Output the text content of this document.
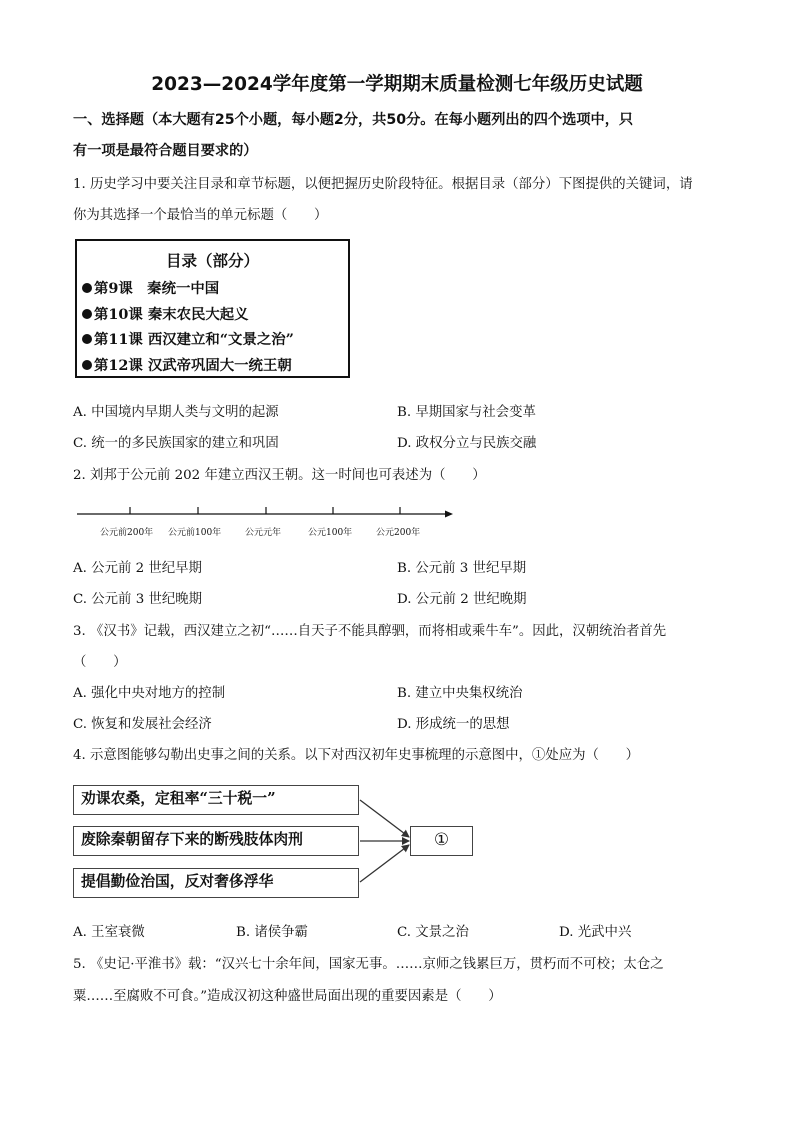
2023—2024学年度第一学期期末质量检测七年级历史试题
一、选择题（本大题有25个小题，每小题2分，共50分。在每小题列出的四个选项中，只
有一项是最符合题目要求的）
1. 历史学习中要关注目录和章节标题，以便把握历史阶段特征。根据目录（部分）下图提供的关键词，请
你为其选择一个最恰当的单元标题（　　）
目录（部分）
第9课　秦统一中国
第10课 秦末农民大起义
第11课 西汉建立和“文景之治”
第12课 汉武帝巩固大一统王朝
A. 中国境内早期人类与文明的起源	B. 早期国家与社会变革
C. 统一的多民族国家的建立和巩固	D. 政权分立与民族交融
2. 刘邦于公元前 202 年建立西汉王朝。这一时间也可表述为（　　）
公元前200年 公元前100年	公元元年	公元100年	公元200年
A. 公元前 2 世纪早期	B. 公元前 3 世纪早期
C. 公元前 3 世纪晚期	D. 公元前 2 世纪晚期
3. 《汉书》记载，西汉建立之初“……自天子不能具醇驷，而将相或乘牛车”。因此，汉朝统治者首先
（　　）
A. 强化中央对地方的控制	B. 建立中央集权统治
C. 恢复和发展社会经济	D. 形成统一的思想
4. 示意图能够勾勒出史事之间的关系。以下对西汉初年史事梳理的示意图中，①处应为（　　）
劝课农桑，定租率“三十税一”
废除秦朝留存下来的断残肢体肉刑
提倡勤俭治国，反对奢侈浮华
①
A. 王室衰微	B. 诸侯争霸	C. 文景之治	D. 光武中兴
5. 《史记·平淮书》载：“汉兴七十余年间，国家无事。……京师之钱累巨万，贯朽而不可校；太仓之
粟……至腐败不可食。”造成汉初这种盛世局面出现的重要因素是（　　）
